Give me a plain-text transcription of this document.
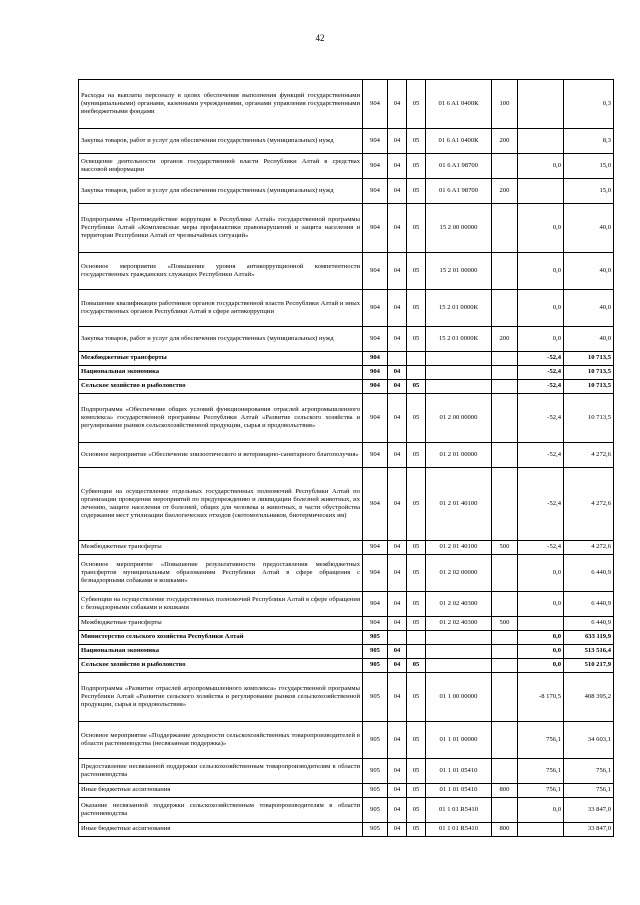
42
Расходы на выплаты персоналу в целях обеспечения выполнения функций государственными (муниципальными) органами, казенными учреждениями, органами управления государственными внебюджетными фондами	904	04	05	01 6 A1 0400К	100		0,3
Закупка товаров, работ и услуг для обеспечения государственных (муниципальных) нужд	904	04	05	01 6 A1 0400К	200		8,3
Освещение деятельности органов государственной власти Республики Алтай в средствах массовой информации	904	04	05	01 6 A1 98700		0,0	15,0
Закупка товаров, работ и услуг для обеспечения государственных (муниципальных) нужд	904	04	05	01 6 A1 98700	200		15,0
Подпрограмма «Противодействие коррупции в Республике Алтай» государственной программы Республики Алтай «Комплексные меры профилактики правонарушений и защита населения и территории Республики Алтай от чрезвычайных ситуаций»	904	04	05	15 2 00 00000		0,0	40,0
Основное мероприятие «Повышение уровня антикоррупционной компетентности государственных гражданских служащих Республики Алтай»	904	04	05	15 2 01 00000		0,0	40,0
Повышение квалификации работников органов государственной власти Республики Алтай и иных государственных органов Республики Алтай в сфере антикоррупции	904	04	05	15 2 01 0000К		0,0	40,0
Закупка товаров, работ и услуг для обеспечения государственных (муниципальных) нужд	904	04	05	15 2 01 0000К	200	0,0	40,0
Межбюджетные трансферты	904					-52,4	10 713,5
Национальная экономика	904	04				-52,4	10 713,5
Сельское хозяйство и рыболовство	904	04	05			-52,4	10 713,5
Подпрограмма «Обеспечение общих условий функционирования отраслей агропромышленного комплекса» государственной программы Республики Алтай «Развитие сельского хозяйства и регулирование рынков сельскохозяйственной продукции, сырья и продовольствия»	904	04	05	01 2 00 00000		-52,4	10 713,5
Основное мероприятие «Обеспечение эпизоотического и ветеринарно-санитарного благополучия»	904	04	05	01 2 01 00000		-52,4	4 272,6
Субвенции на осуществление отдельных государственных полномочий Республики Алтай по организации проведения мероприятий по предупреждению и ликвидации болезней животных, их лечению, защите населения от болезней, общих для человека и животных, в части обустройства содержания мест утилизации биологических отходов (скотомогильников, биотермических ям)	904	04	05	01 2 01 40100		-52,4	4 272,6
Межбюджетные трансферты	904	04	05	01 2 01 40100	500	-52,4	4 272,6
Основное мероприятие «Повышение результативности предоставления межбюджетных трансфертов муниципальным образованиям Республики Алтай в сфере обращения с безнадзорными собаками и кошками»	904	04	05	01 2 02 00000		0,0	6 440,9
Субвенции на осуществление государственных полномочий Республики Алтай в сфере обращения с безнадзорными собаками и кошками	904	04	05	01 2 02 40300		0,0	6 440,9
Межбюджетные трансферты	904	04	05	01 2 02 40300	500		6 440,9
Министерство сельского хозяйства Республики Алтай	905					0,0	633 119,9
Национальная экономика	905	04				0,0	513 516,4
Сельское хозяйство и рыболовство	905	04	05			0,0	510 217,9
Подпрограмма «Развитие отраслей агропромышленного комплекса» государственной программы Республики Алтай «Развитие сельского хозяйства и регулирование рынков сельскохозяйственной продукции, сырья и продовольствия»	905	04	05	01 1 00 00000		-8 170,5	408 395,2
Основное мероприятие «Поддержание доходности сельскохозяйственных товаропроизводителей в области растениеводства (несвязанная поддержка)»	905	04	05	01 1 01 00000		756,1	34 603,1
Предоставление несвязанной поддержки сельскохозяйственным товаропроизводителям в области растениеводства	905	04	05	01 1 01 05410		756,1	756,1
Иные бюджетные ассигнования	905	04	05	01 1 01 05410	800	756,1	756,1
Оказание несвязанной поддержки сельскохозяйственным товаропроизводителям в области растениеводства	905	04	05	01 1 01 R5410		0,0	33 847,0
Иные бюджетные ассигнования	905	04	05	01 1 01 R5410	800		33 847,0
